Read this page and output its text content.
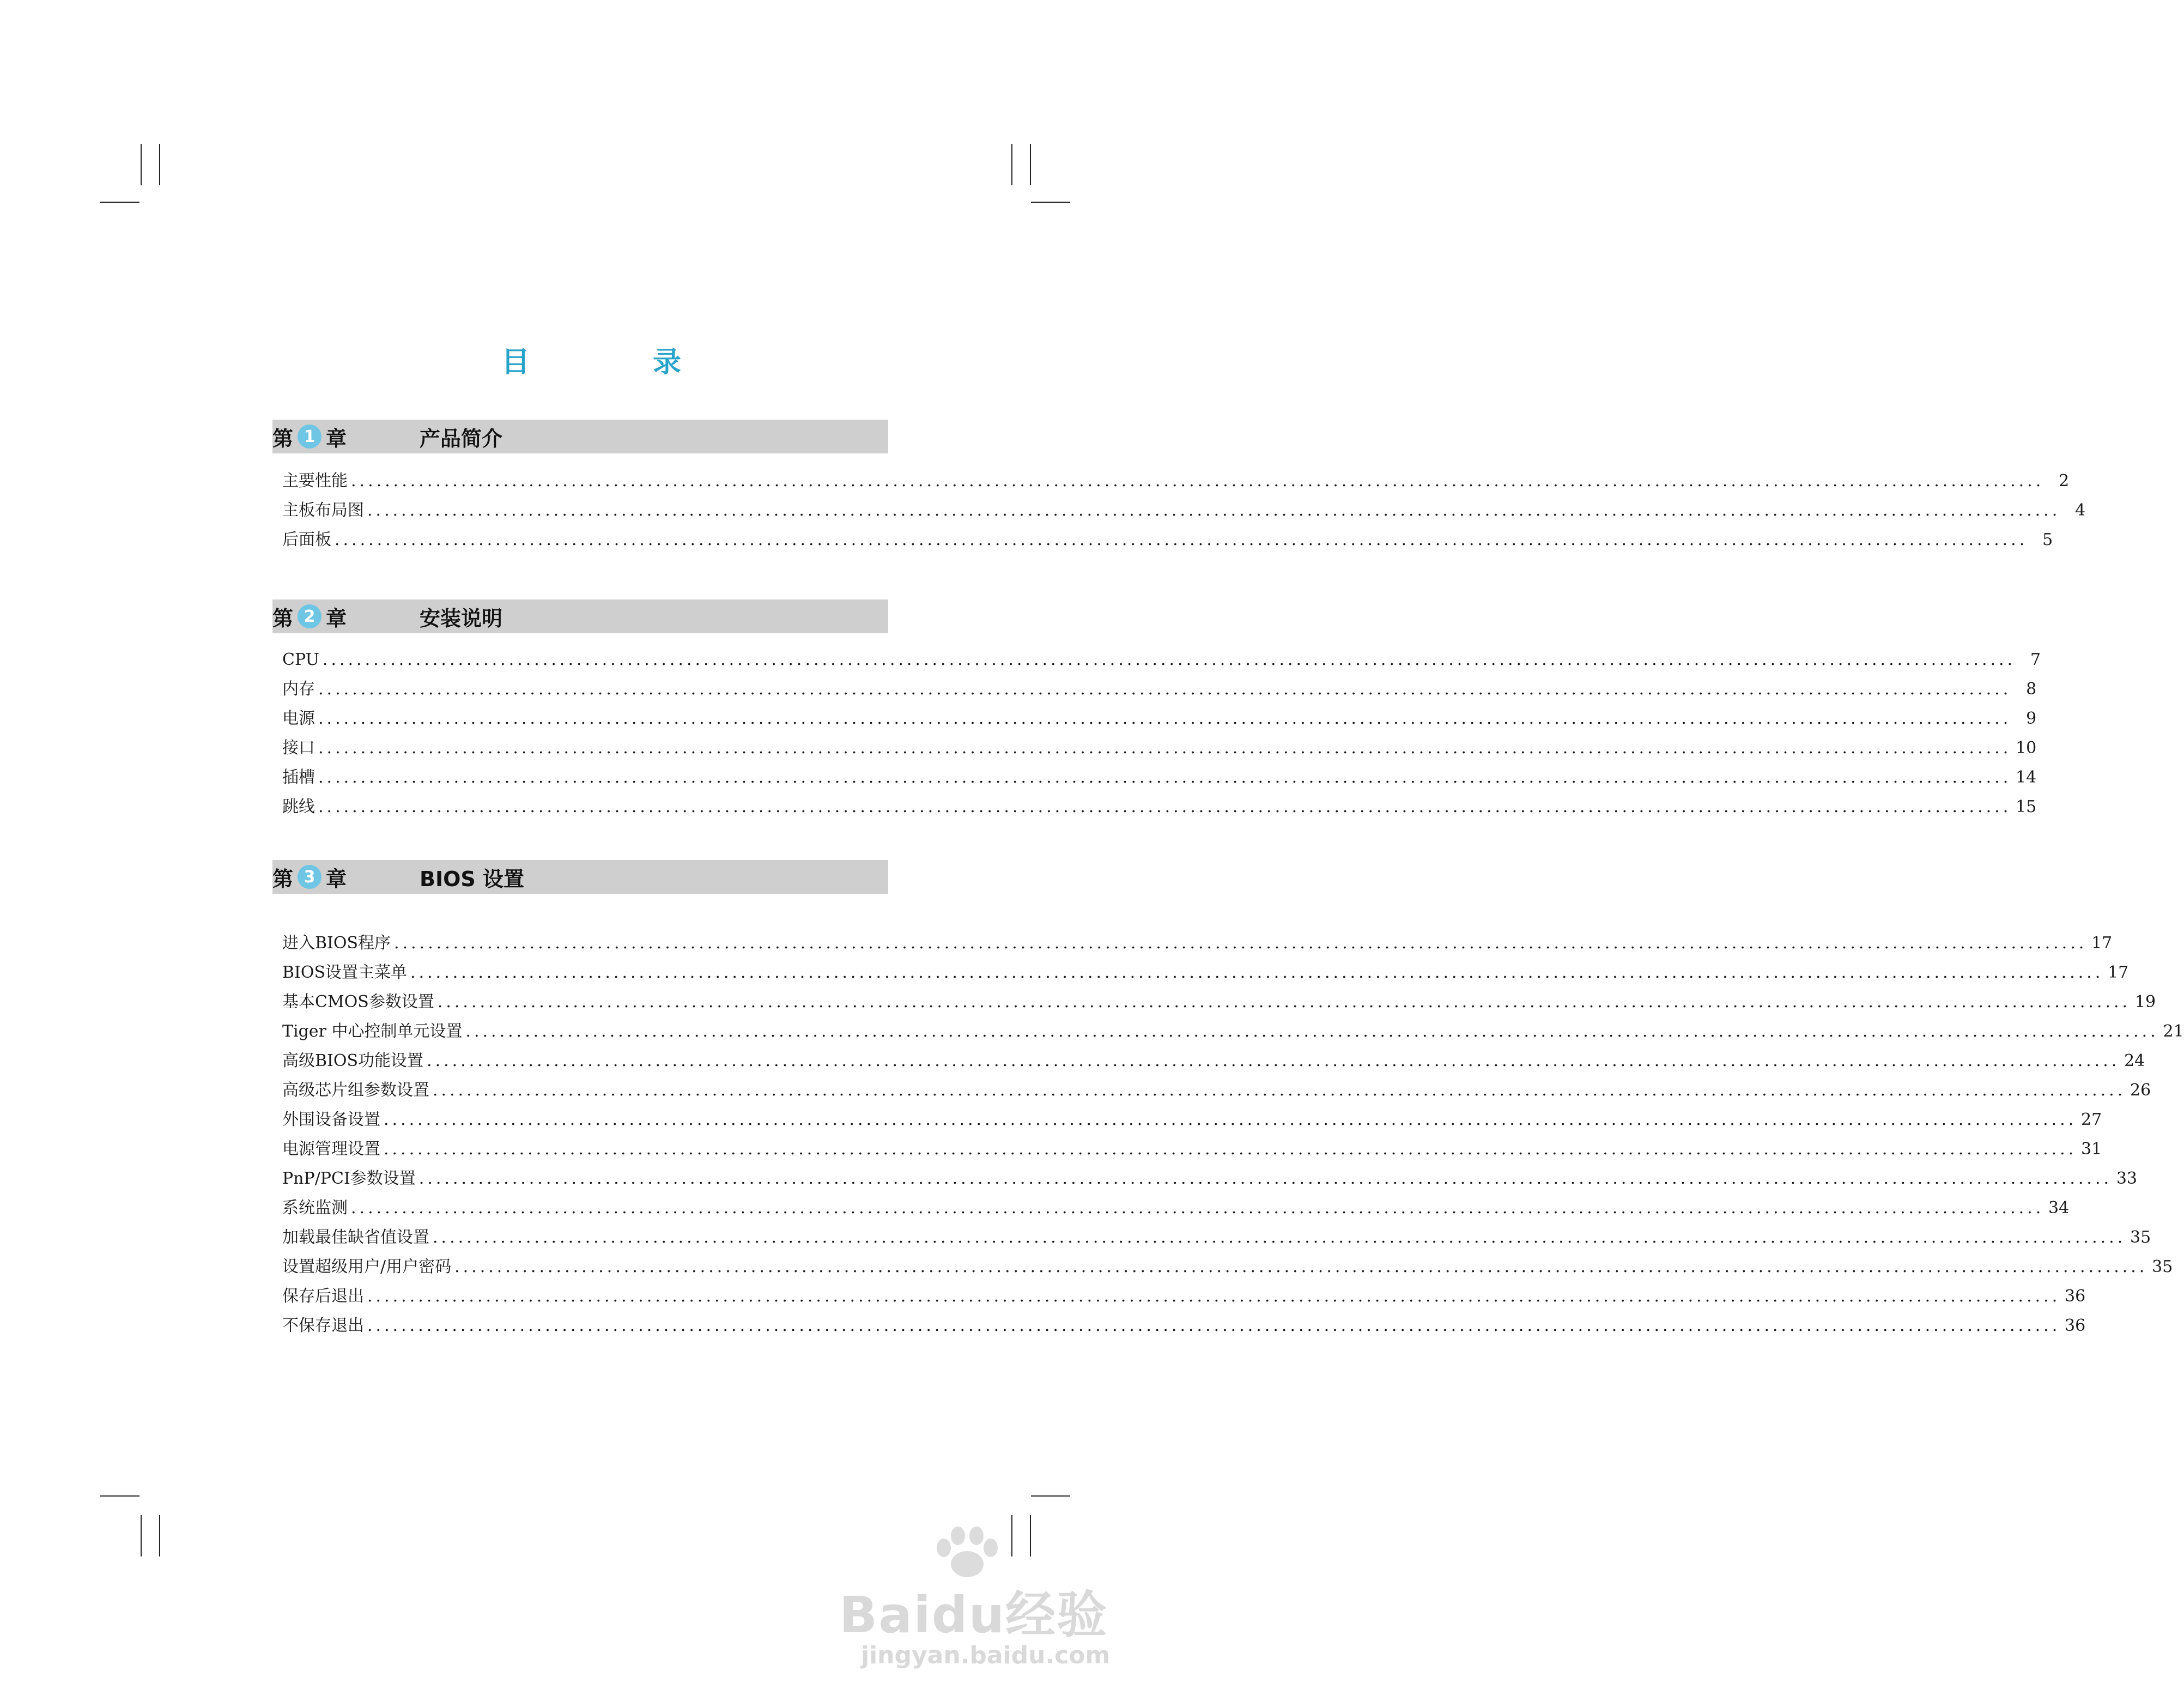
目	录
第 1 章	产品简介
主要性能 ........................................................................................................................................................................................................ 2
主板布局图 ........................................................................................................................................................................................................ 4
后面板 ........................................................................................................................................................................................................ 5
第 2 章	安装说明
CPU ........................................................................................................................................................................................................ 7
内存 ........................................................................................................................................................................................................ 8
电源 ........................................................................................................................................................................................................ 9
接口 ........................................................................................................................................................................................................ 10
插槽 ........................................................................................................................................................................................................ 14
跳线 ........................................................................................................................................................................................................ 15
第 3 章	BIOS 设置
进入BIOS程序 ........................................................................................................................................................................................................ 17
BIOS设置主菜单 ........................................................................................................................................................................................................ 17
基本CMOS参数设置 ........................................................................................................................................................................................................ 19
Tiger 中心控制单元设置 ........................................................................................................................................................................................................ 21
高级BIOS功能设置 ........................................................................................................................................................................................................ 24
高级芯片组参数设置 ........................................................................................................................................................................................................ 26
外围设备设置 ........................................................................................................................................................................................................ 27
电源管理设置 ........................................................................................................................................................................................................ 31
PnP/PCI参数设置 ........................................................................................................................................................................................................ 33
系统监测 ........................................................................................................................................................................................................ 34
加载最佳缺省值设置 ........................................................................................................................................................................................................ 35
设置超级用户/用户密码 ........................................................................................................................................................................................................ 35
保存后退出 ........................................................................................................................................................................................................ 36
不保存退出 ........................................................................................................................................................................................................ 36
Baidu经验
jingyan.baidu.com
